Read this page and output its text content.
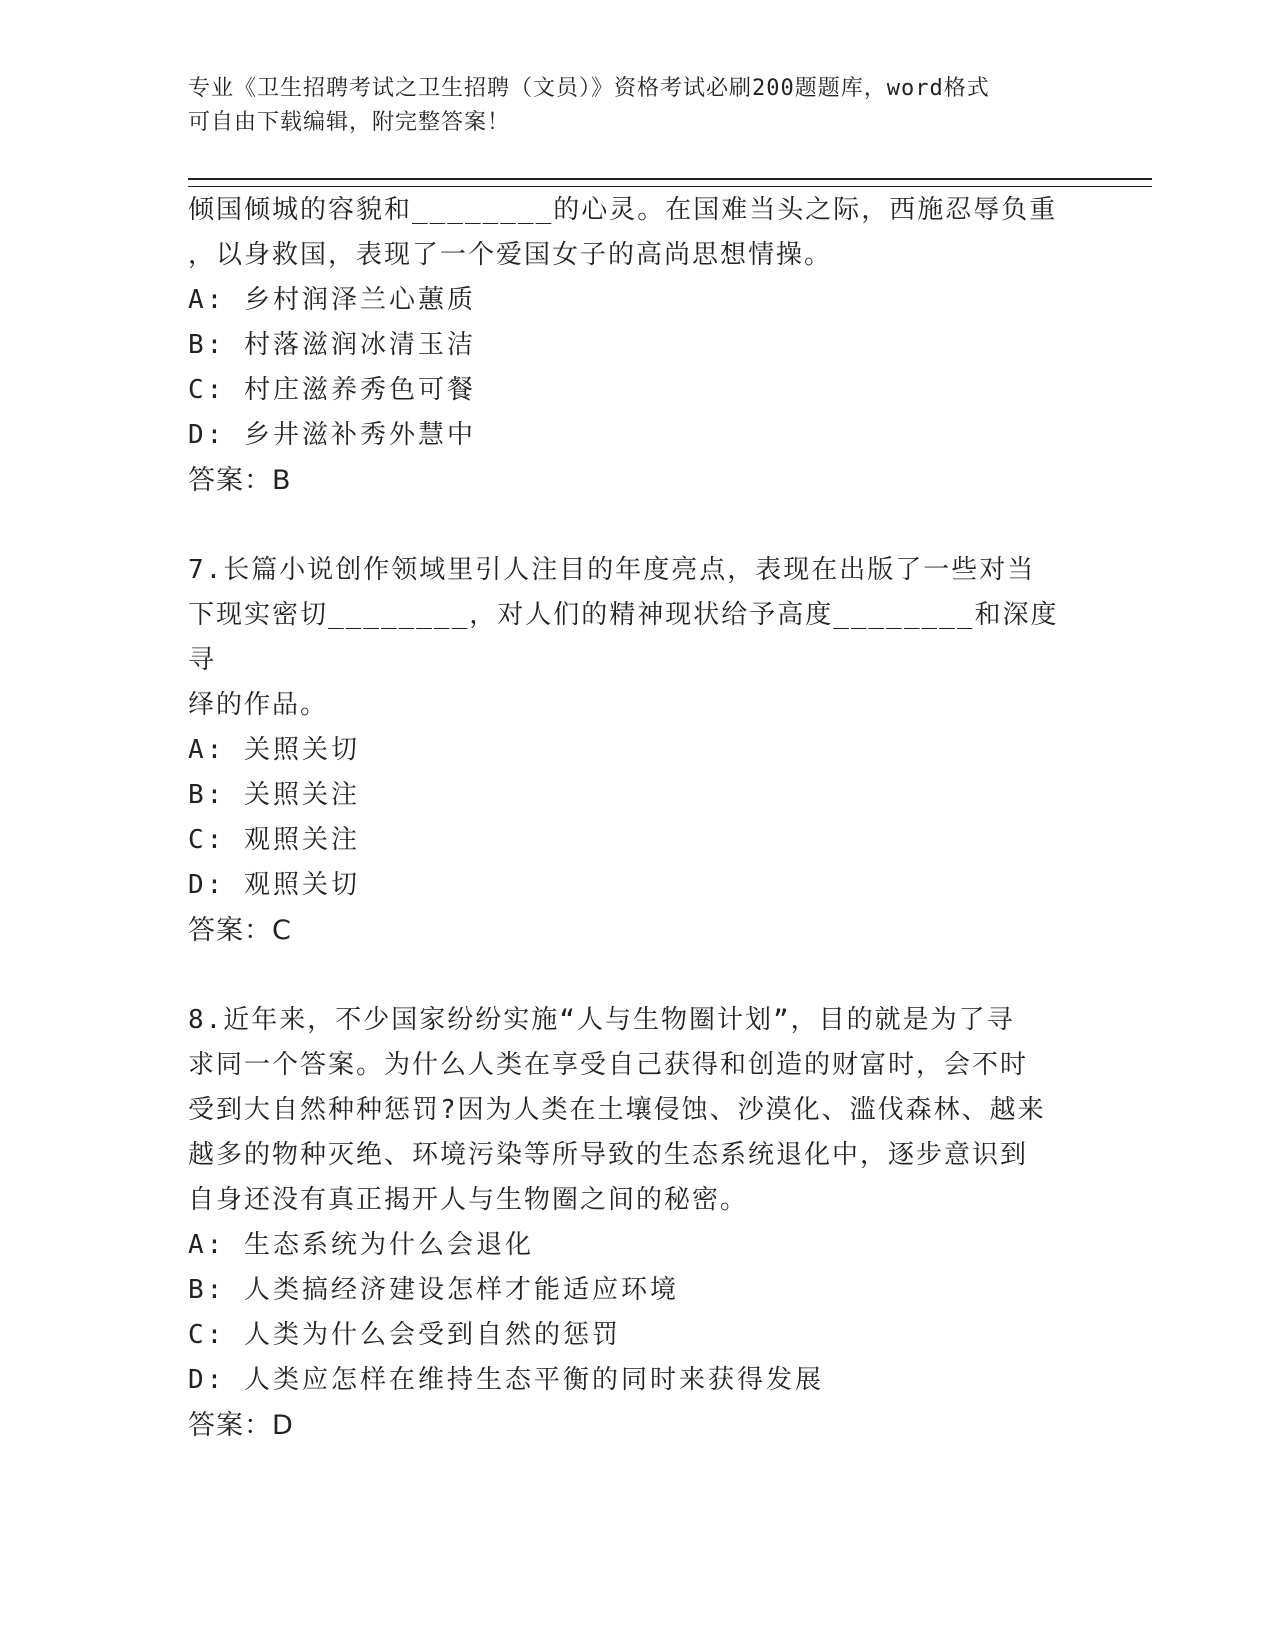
专业《卫生招聘考试之卫生招聘（文员）》资格考试必刷200题题库，word格式
可自由下载编辑，附完整答案！

倾国倾城的容貌和________的心灵。在国难当头之际，西施忍辱负重

，以身救国，表现了一个爱国女子的高尚思想情操。

A: 乡村润泽兰心蕙质

B: 村落滋润冰清玉洁

C: 村庄滋养秀色可餐

D: 乡井滋补秀外慧中

答案：B

7.长篇小说创作领域里引人注目的年度亮点，表现在出版了一些对当

下现实密切________，对人们的精神现状给予高度________和深度寻

绎的作品。

A: 关照关切

B: 关照关注

C: 观照关注

D: 观照关切

答案：C

8.近年来，不少国家纷纷实施“人与生物圈计划”，目的就是为了寻

求同一个答案。为什么人类在享受自己获得和创造的财富时，会不时

受到大自然种种惩罚?因为人类在土壤侵蚀、沙漠化、滥伐森林、越来

越多的物种灭绝、环境污染等所导致的生态系统退化中，逐步意识到

自身还没有真正揭开人与生物圈之间的秘密。

A: 生态系统为什么会退化

B: 人类搞经济建设怎样才能适应环境

C: 人类为什么会受到自然的惩罚

D: 人类应怎样在维持生态平衡的同时来获得发展

答案：D
